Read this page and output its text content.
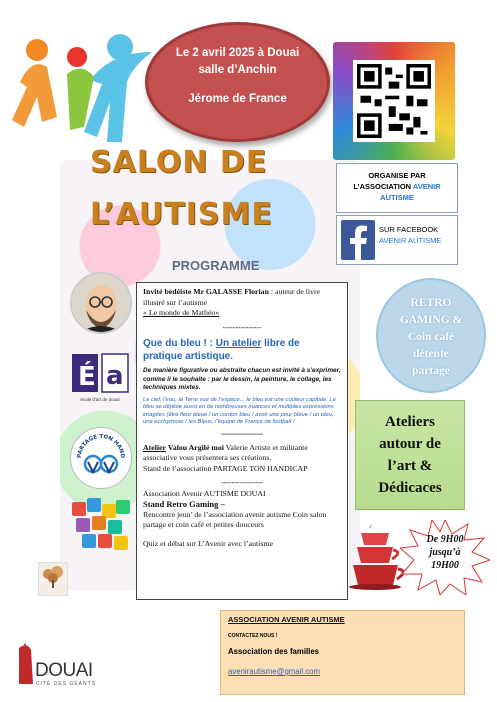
Le 2 avril 2025 à Douai
salle d’Anchin
Jérome de France
SALON DE
L’AUTISME
ORGANISE PAR
L’ASSOCIATION AVENIR
AUTISME
SUR FACEBOOK
AVENIR AUTISME
PROGRAMME
É a
école d’art de douai
PARTAGE TON HAND

Invité bédéiste Mr GALASSE Florian : auteur de livre illustré sur l’autisme
« Le monde de Mathéo»

---------------

Que du bleu ! : Un atelier libre de pratique artistique.

De manière figurative ou abstraite chacun est invité à s’exprimer, comme il le souhaite : par le dessin, la peinture, le collage, les techniques mixtes.

Le ciel, l’eau, la Terre vue de l’espace... le bleu est une couleur capitale. Le bleu se déploie aussi en de nombreuses nuances et multiples expressions imagées (être fleur bleue / un cordon bleu / avoir une peur bleue / un bleu, une ecchymose / les Bleus, l’équipe de France de football /

---------------------

Atelier Valou Argilé moi Valerie Artiste et militante associative vous présentera ses créations.
Stand de l’association PARTAGE TON HANDICAP

----------------

Association Avenir AUTISME DOUAI

Stand Retro Gaming –

Rencontre jeun’ de l’association avenir autisme Coin salon partage et coin café et petites douceurs

Quiz et débat sur L’Avenir avec l’autisme

RETRO
GAMING &
Coin café
détente
partage
Ateliers
autour de
l’art &
Dédicaces
De 9H00
jusqu’à
19H00
DOUAI
CITÉ DES GÉANTS
ASSOCIATION AVENIR AUTISME
CONTACTEZ NOUS !
Association des familles
avenirautisme@gmail.com
